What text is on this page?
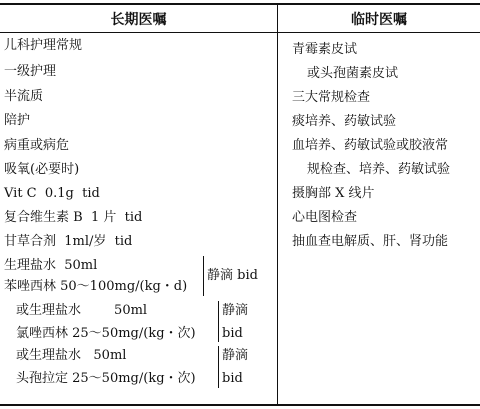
长期医嘱	临时医嘱
儿科护理常规
一级护理
半流质
陪护
病重或病危
吸氧(必要时)
Vit C  0.1g  tid
复合维生素 B  1 片  tid
甘草合剂  1ml/岁  tid
生理盐水  50ml
苯唑西林 50～100mg/(kg・d)
静滴 bid
或生理盐水        50ml
氯唑西林 25～50mg/(kg・次)
静滴
bid
或生理盐水   50ml
头孢拉定 25～50mg/(kg・次)
静滴
bid
青霉素皮试
或头孢菌素皮试
三大常规检查
痰培养、药敏试验
血培养、药敏试验或胶液常
规检查、培养、药敏试验
摄胸部 X 线片
心电图检查
抽血查电解质、肝、肾功能
